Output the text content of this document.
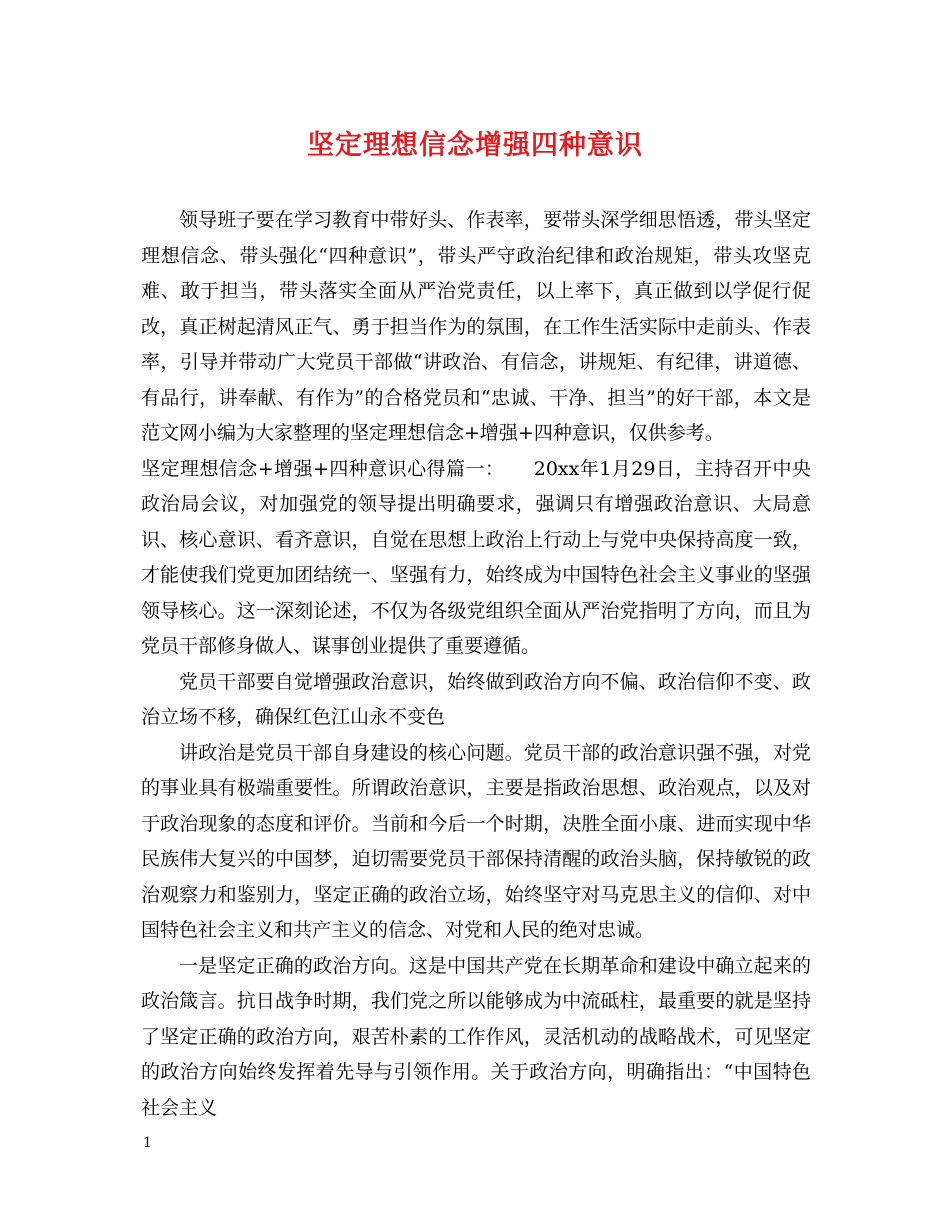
坚定理想信念增强四种意识

领导班子要在学习教育中带好头、作表率，要带头深学细思悟透，带头坚定理想信念、带头强化“四种意识”，带头严守政治纪律和政治规矩，带头攻坚克难、敢于担当，带头落实全面从严治党责任，以上率下，真正做到以学促行促改，真正树起清风正气、勇于担当作为的氛围，在工作生活实际中走前头、作表率，引导并带动广大党员干部做“讲政治、有信念，讲规矩、有纪律，讲道德、有品行，讲奉献、有作为”的合格党员和“忠诚、干净、担当”的好干部，本文是范文网小编为大家整理的坚定理想信念+增强+四种意识，仅供参考。

坚定理想信念+增强+四种意识心得篇一：　　20xx年1月29日，主持召开中央政治局会议，对加强党的领导提出明确要求，强调只有增强政治意识、大局意识、核心意识、看齐意识，自觉在思想上政治上行动上与党中央保持高度一致，才能使我们党更加团结统一、坚强有力，始终成为中国特色社会主义事业的坚强领导核心。这一深刻论述，不仅为各级党组织全面从严治党指明了方向，而且为党员干部修身做人、谋事创业提供了重要遵循。

党员干部要自觉增强政治意识，始终做到政治方向不偏、政治信仰不变、政治立场不移，确保红色江山永不变色

讲政治是党员干部自身建设的核心问题。党员干部的政治意识强不强，对党的事业具有极端重要性。所谓政治意识，主要是指政治思想、政治观点，以及对于政治现象的态度和评价。当前和今后一个时期，决胜全面小康、进而实现中华民族伟大复兴的中国梦，迫切需要党员干部保持清醒的政治头脑，保持敏锐的政治观察力和鉴别力，坚定正确的政治立场，始终坚守对马克思主义的信仰、对中国特色社会主义和共产主义的信念、对党和人民的绝对忠诚。

一是坚定正确的政治方向。这是中国共产党在长期革命和建设中确立起来的政治箴言。抗日战争时期，我们党之所以能够成为中流砥柱，最重要的就是坚持了坚定正确的政治方向，艰苦朴素的工作作风，灵活机动的战略战术，可见坚定的政治方向始终发挥着先导与引领作用。关于政治方向，明确指出：“中国特色社会主义

1
